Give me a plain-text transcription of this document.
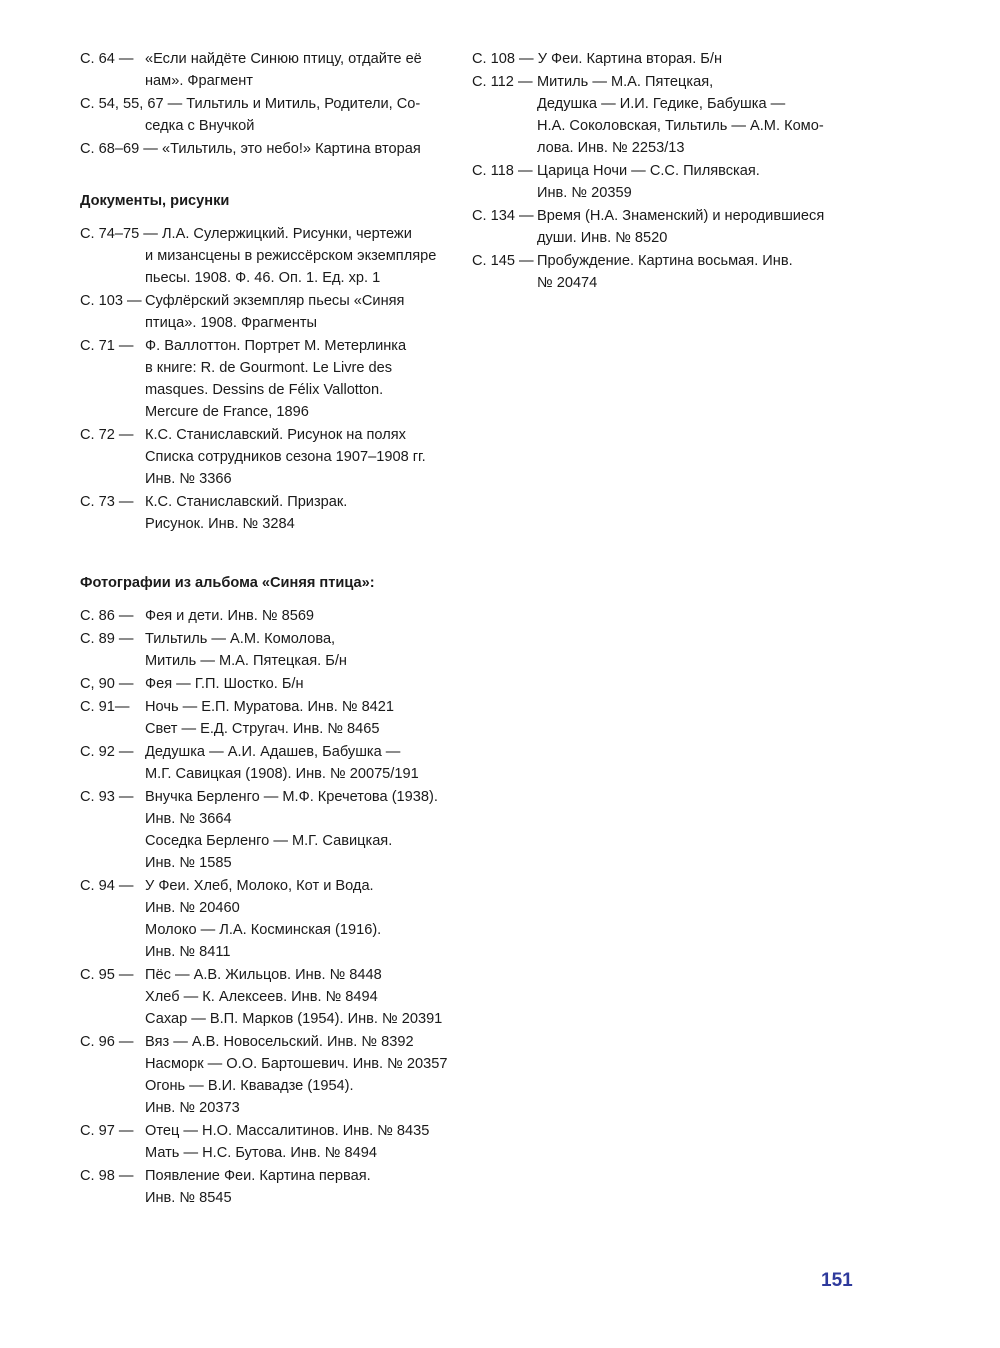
С. 64 — «Если найдёте Синюю птицу, отдайте её
нам». Фрагмент
С. 54, 55, 67 — Тильтиль и Митиль, Родители, Со-
седка с Внучкой
С. 68–69 — «Тильтиль, это небо!» Картина вторая
Документы, рисунки
С. 74–75 — Л.А. Сулержицкий. Рисунки, чертежи
и мизансцены в режиссёрском экземпляре
пьесы. 1908. Ф. 46. Оп. 1. Ед. хр. 1
С. 103 — Суфлёрский экземпляр пьесы «Синяя
птица». 1908. Фрагменты
С. 71 — Ф. Валлоттон. Портрет М. Метерлинка
в книге: R. de Gourmont. Le Livre des
masques. Dessins de Félix Vallotton.
Mercure de France, 1896
С. 72 — К.С. Станиславский. Рисунок на полях
Списка сотрудников сезона 1907–1908 гг.
Инв. № 3366
С. 73 — К.С. Станиславский. Призрак.
Рисунок. Инв. № 3284
Фотографии из альбома «Синяя птица»:
С. 86 — Фея и дети. Инв. № 8569
С. 89 — Тильтиль — А.М. Комолова,
Митиль — М.А. Пятецкая. Б/н
С, 90 — Фея — Г.П. Шостко. Б/н
С. 91— Ночь — Е.П. Муратова. Инв. № 8421
Свет — Е.Д. Стругач. Инв. № 8465
С. 92 — Дедушка — А.И. Адашев, Бабушка —
М.Г. Савицкая (1908). Инв. № 20075/191
С. 93 — Внучка Берленго — М.Ф. Кречетова (1938).
Инв. № 3664
Соседка Берленго — М.Г. Савицкая.
Инв. № 1585
С. 94 — У Феи. Хлеб, Молоко, Кот и Вода.
Инв. № 20460
Молоко — Л.А. Косминская (1916).
Инв. № 8411
С. 95 — Пёс — А.В. Жильцов. Инв. № 8448
Хлеб — К. Алексеев. Инв. № 8494
Сахар — В.П. Марков (1954). Инв. № 20391
С. 96 — Вяз — А.В. Новосельский. Инв. № 8392
Насморк — О.О. Бартошевич. Инв. № 20357
Огонь — В.И. Квавадзе (1954).
Инв. № 20373
С. 97 — Отец — Н.О. Массалитинов. Инв. № 8435
Мать — Н.С. Бутова. Инв. № 8494
С. 98 — Появление Феи. Картина первая.
Инв. № 8545
С. 108 — У Феи. Картина вторая. Б/н
С. 112 — Митиль — М.А. Пятецкая,
Дедушка — И.И. Гедике, Бабушка —
Н.А. Соколовская, Тильтиль — А.М. Комо-
лова. Инв. № 2253/13
С. 118 — Царица Ночи — С.С. Пилявская.
Инв. № 20359
С. 134 — Время (Н.А. Знаменский) и неродившиеся
души. Инв. № 8520
С. 145 — Пробуждение. Картина восьмая. Инв.
№ 20474
151
